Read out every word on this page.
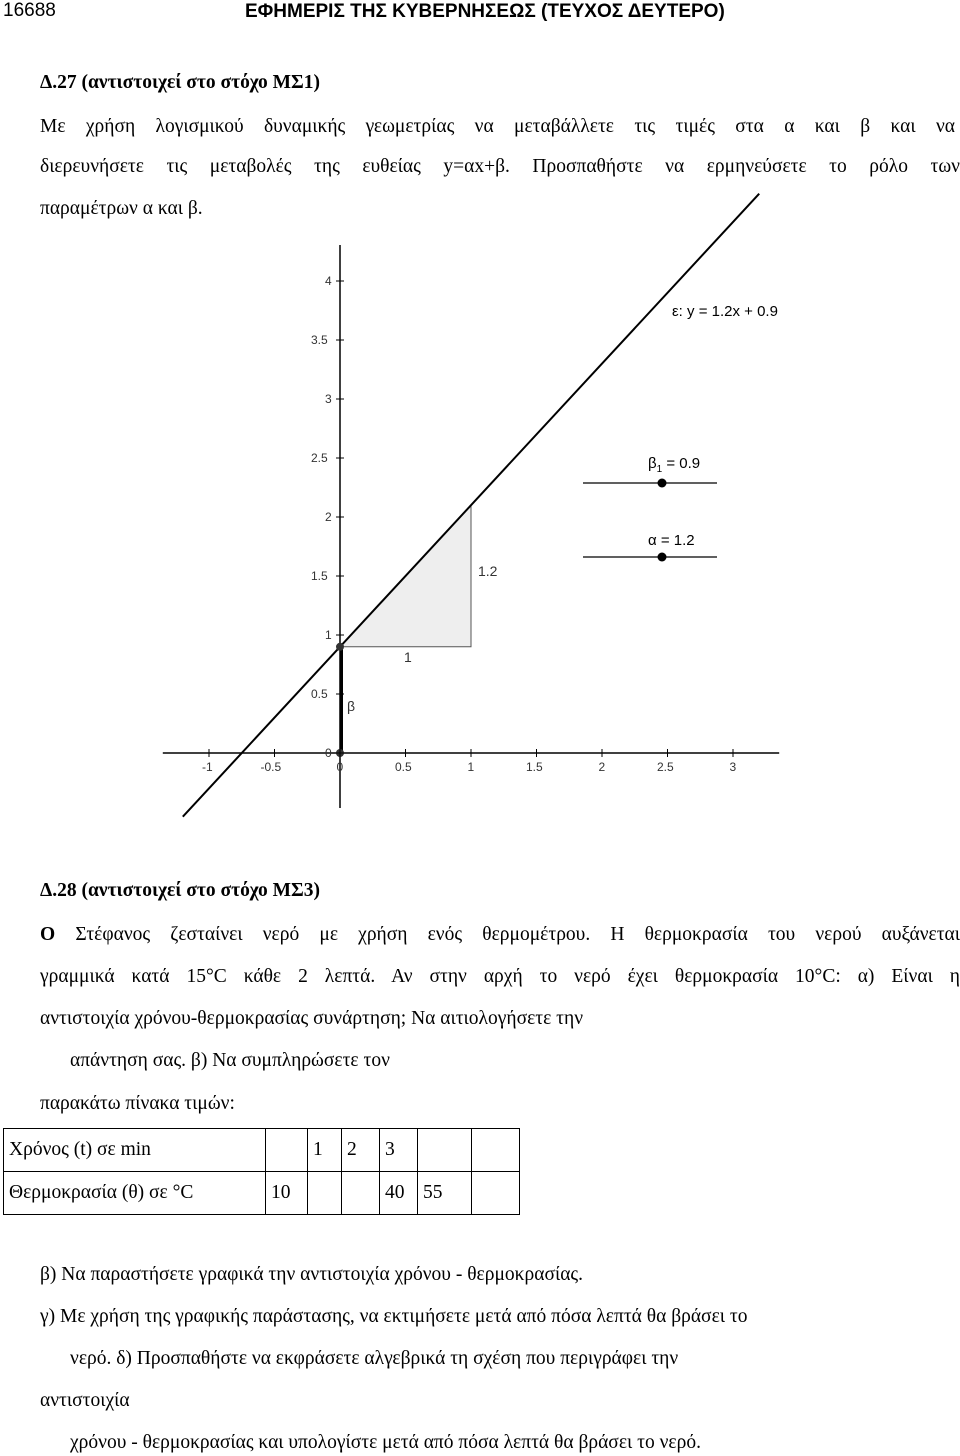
16688	ΕΦΗΜΕΡΙΣ ΤΗΣ ΚΥΒΕΡΝΗΣΕΩΣ (ΤΕΥΧΟΣ ΔΕΥΤΕΡΟ)
Δ.27 (αντιστοιχεί στο στόχο ΜΣ1)
Με χρήση λογισμικού δυναμικής γεωμετρίας να μεταβάλλετε τις τιμές στα α και β και να
διερευνήσετε τις μεταβολές της ευθείας y=αx+β. Προσπαθήστε να ερμηνεύσετε το ρόλο των
παραμέτρων α και β.
-1	-0.5	0	0.5	1	1.5	2	2.5	3
0
0.5
1
1.5
2
2.5
3
3.5
4
ε: y = 1.2x + 0.9
$\beta_1 = 0.9$
α = 1.2
1
1.2
β
Δ.28 (αντιστοιχεί στο στόχο ΜΣ3)
Ο Στέφανος ζεσταίνει νερό με χρήση ενός θερμομέτρου. Η θερμοκρασία του νερού αυξάνεται
γραμμικά κατά 15°C κάθε 2 λεπτά. Αν στην αρχή το νερό έχει θερμοκρασία 10°C: α) Είναι η
αντιστοιχία χρόνου-θερμοκρασίας συνάρτηση; Να αιτιολογήσετε την
απάντηση σας. β) Να συμπληρώσετε τον
παρακάτω πίνακα τιμών:
Χρόνος (t) σε min		1	2	3		
Θερμοκρασία (θ) σε °C	10			40	55	
β) Να παραστήσετε γραφικά την αντιστοιχία χρόνου - θερμοκρασίας.
γ) Με χρήση της γραφικής παράστασης, να εκτιμήσετε μετά από πόσα λεπτά θα βράσει το
νερό. δ) Προσπαθήστε να εκφράσετε αλγεβρικά τη σχέση που περιγράφει την
αντιστοιχία
χρόνου - θερμοκρασίας και υπολογίστε μετά από πόσα λεπτά θα βράσει το νερό.
